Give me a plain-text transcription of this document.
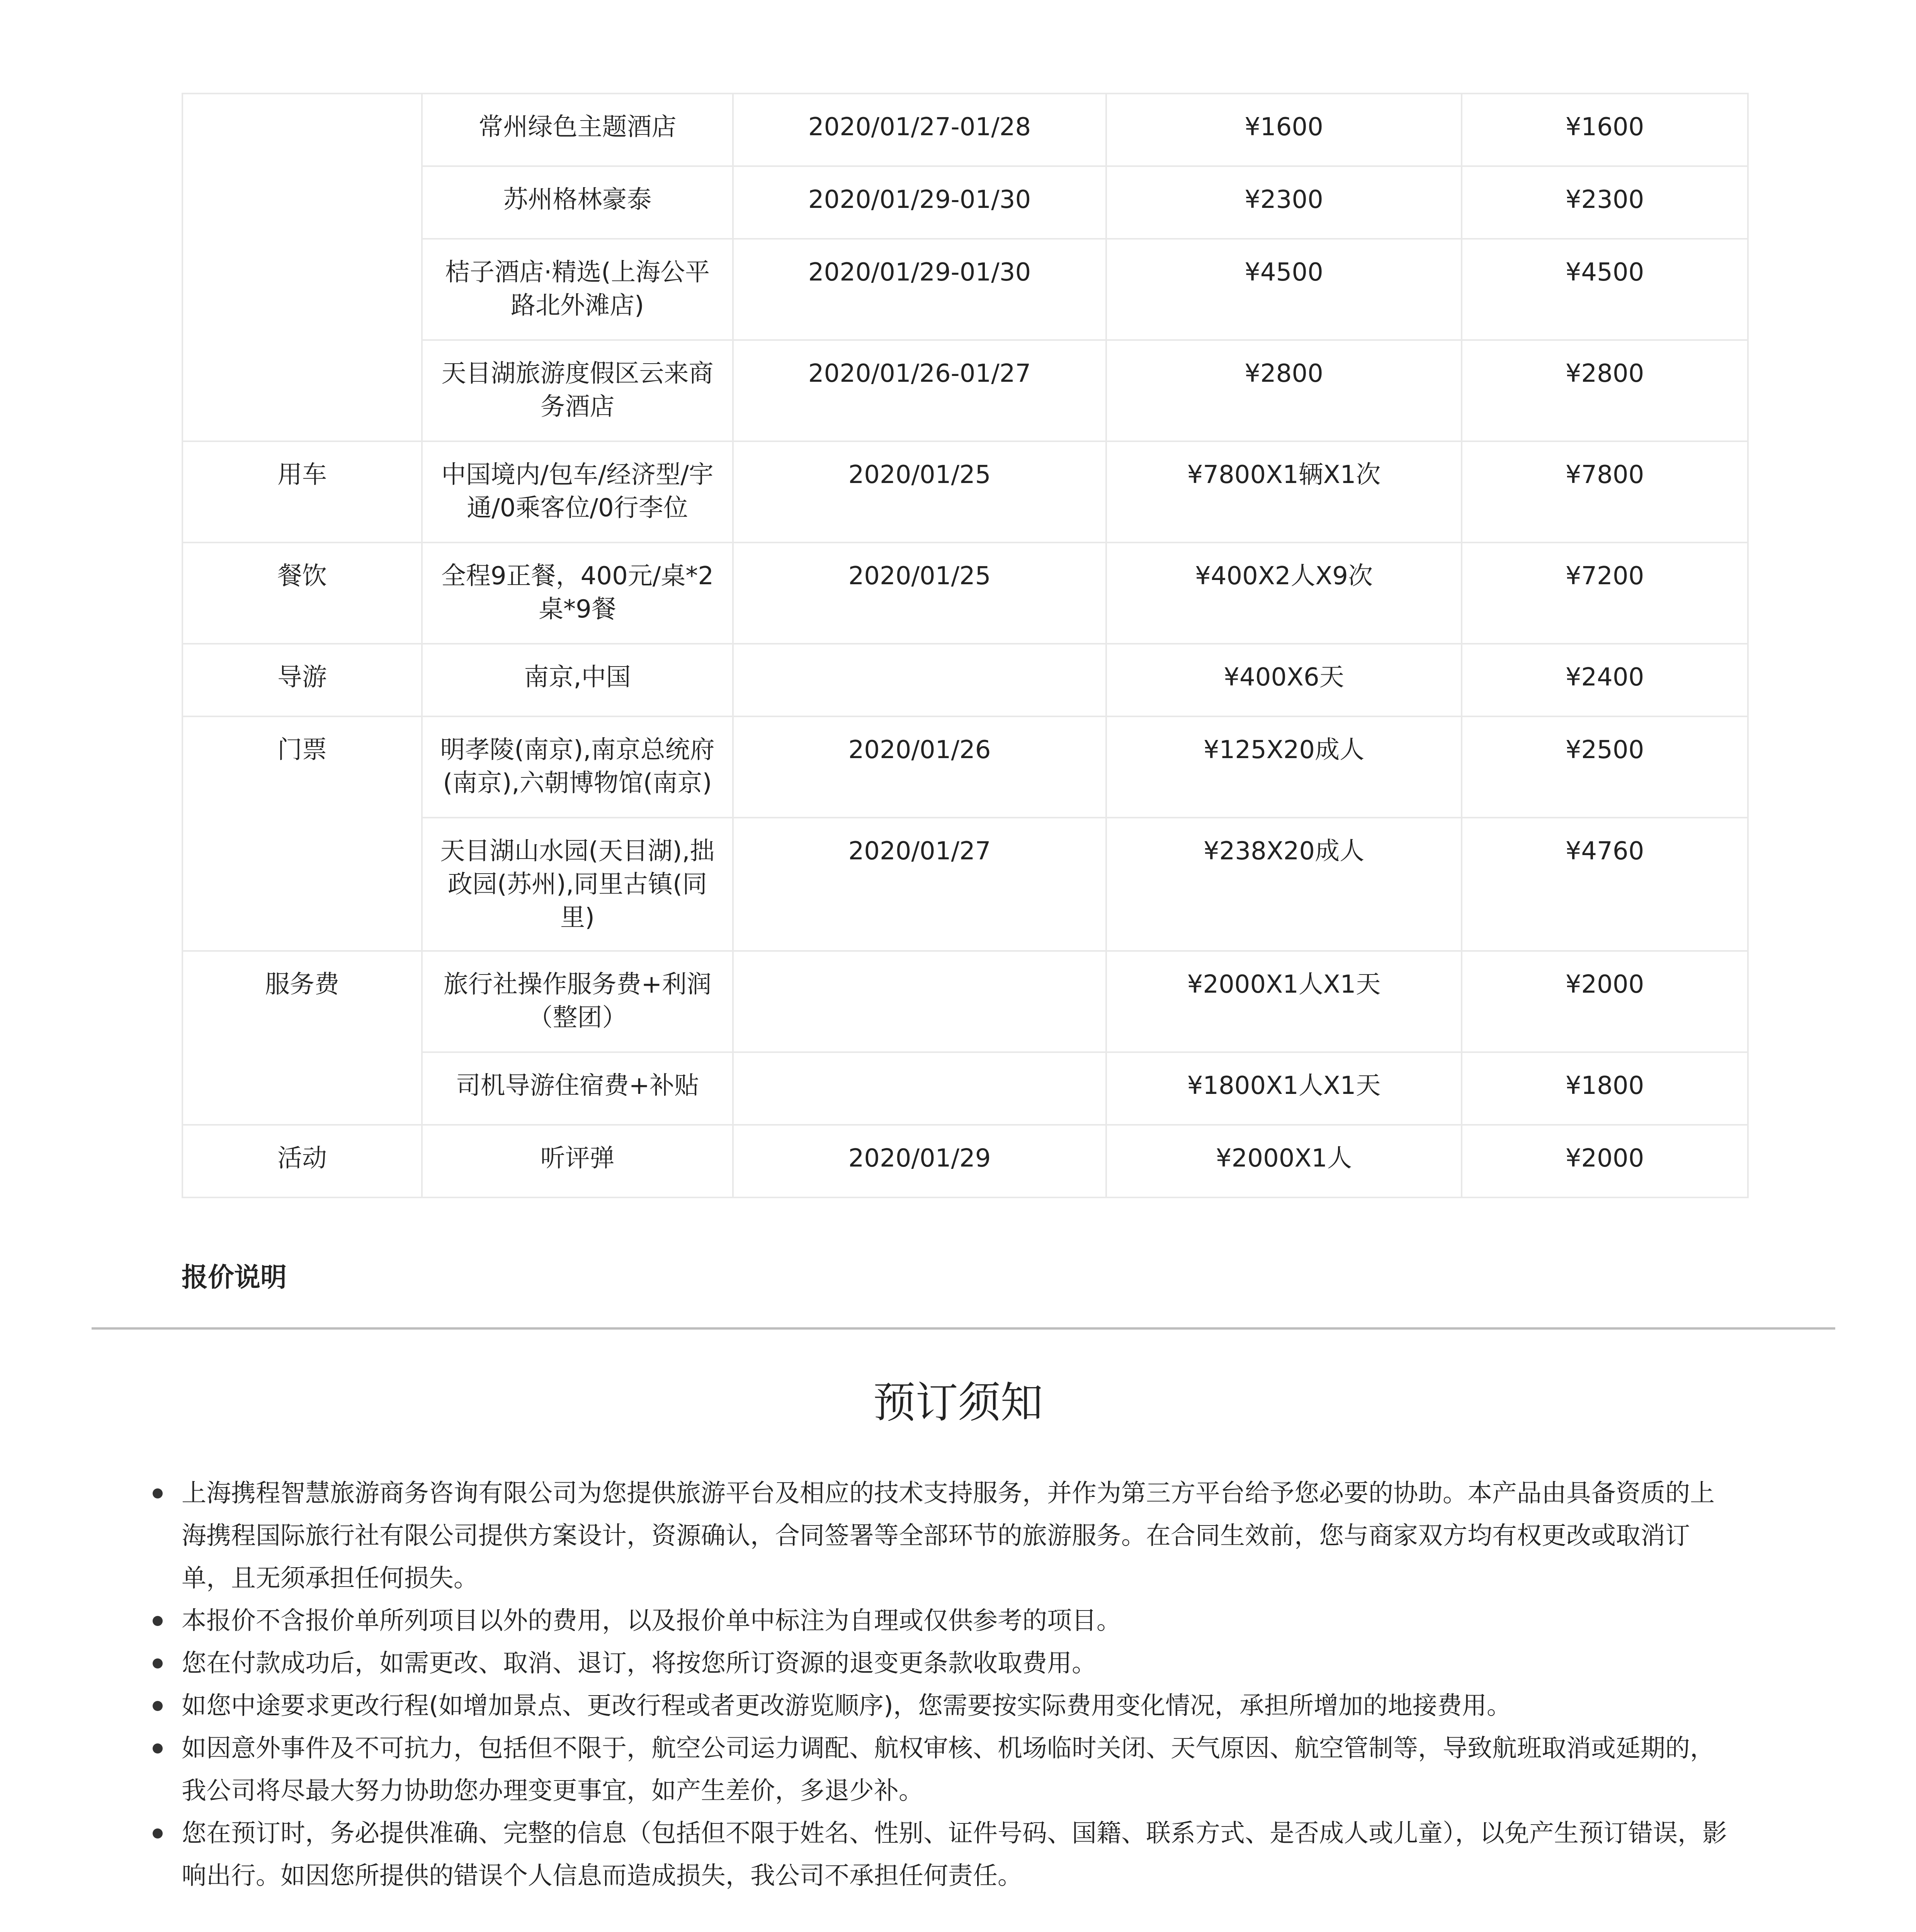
	常州绿色主题酒店	2020/01/27-01/28	¥1600	¥1600
	苏州格林豪泰	2020/01/29-01/30	¥2300	¥2300
	桔子酒店·精选(上海公平路北外滩店)	2020/01/29-01/30	¥4500	¥4500
	天目湖旅游度假区云来商务酒店	2020/01/26-01/27	¥2800	¥2800
用车	中国境内/包车/经济型/宇通/0乘客位/0行李位	2020/01/25	¥7800X1辆X1次	¥7800
餐饮	全程9正餐，400元/桌*2桌*9餐	2020/01/25	¥400X2人X9次	¥7200
导游	南京,中国		¥400X6天	¥2400
门票	明孝陵(南京),南京总统府(南京),六朝博物馆(南京)	2020/01/26	¥125X20成人	¥2500
	天目湖山水园(天目湖),拙政园(苏州),同里古镇(同里)	2020/01/27	¥238X20成人	¥4760
服务费	旅行社操作服务费+利润（整团）		¥2000X1人X1天	¥2000
	司机导游住宿费+补贴		¥1800X1人X1天	¥1800
活动	听评弹	2020/01/29	¥2000X1人	¥2000
报价说明
预订须知
上海携程智慧旅游商务咨询有限公司为您提供旅游平台及相应的技术支持服务，并作为第三方平台给予您必要的协助。本产品由具备资质的上海携程国际旅行社有限公司提供方案设计，资源确认，合同签署等全部环节的旅游服务。在合同生效前，您与商家双方均有权更改或取消订单，且无须承担任何损失。
本报价不含报价单所列项目以外的费用，以及报价单中标注为自理或仅供参考的项目。
您在付款成功后，如需更改、取消、退订，将按您所订资源的退变更条款收取费用。
如您中途要求更改行程(如增加景点、更改行程或者更改游览顺序)，您需要按实际费用变化情况，承担所增加的地接费用。
如因意外事件及不可抗力，包括但不限于，航空公司运力调配、航权审核、机场临时关闭、天气原因、航空管制等，导致航班取消或延期的，我公司将尽最大努力协助您办理变更事宜，如产生差价，多退少补。
您在预订时，务必提供准确、完整的信息（包括但不限于姓名、性别、证件号码、国籍、联系方式、是否成人或儿童），以免产生预订错误，影响出行。如因您所提供的错误个人信息而造成损失，我公司不承担任何责任。
